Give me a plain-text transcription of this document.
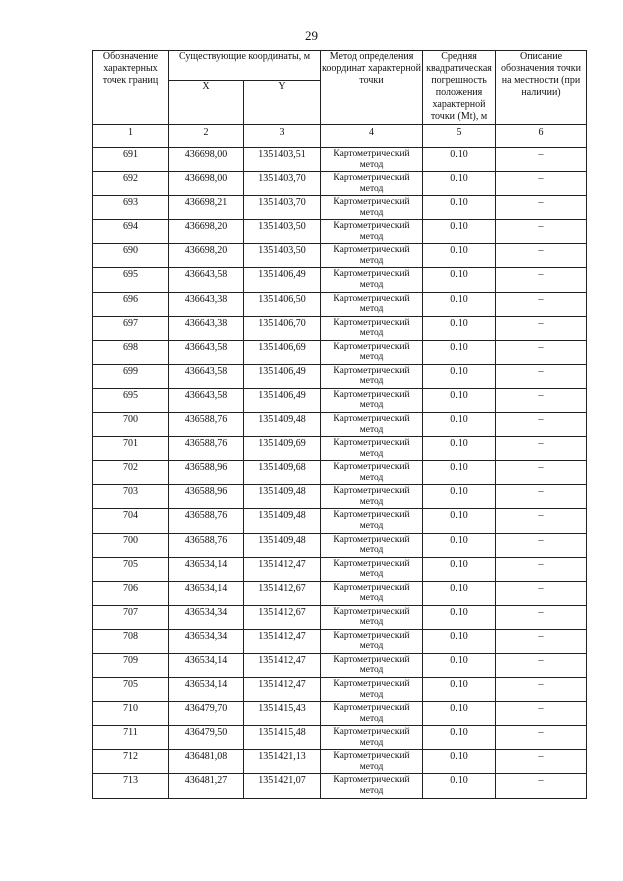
29
Обозначение характерных точек границ	Существующие координаты, м		Метод определения координат характерной точки	Средняя квадратическая погрешность положения характерной точки (Mt), м	Описание обозначения точки на местности (при наличии)
	X	Y			
1	2	3	4	5	6
691	436698,00	1351403,51	Картометрический метод	0.10	–
692	436698,00	1351403,70	Картометрический метод	0.10	–
693	436698,21	1351403,70	Картометрический метод	0.10	–
694	436698,20	1351403,50	Картометрический метод	0.10	–
690	436698,20	1351403,50	Картометрический метод	0.10	–
695	436643,58	1351406,49	Картометрический метод	0.10	–
696	436643,38	1351406,50	Картометрический метод	0.10	–
697	436643,38	1351406,70	Картометрический метод	0.10	–
698	436643,58	1351406,69	Картометрический метод	0.10	–
699	436643,58	1351406,49	Картометрический метод	0.10	–
695	436643,58	1351406,49	Картометрический метод	0.10	–
700	436588,76	1351409,48	Картометрический метод	0.10	–
701	436588,76	1351409,69	Картометрический метод	0.10	–
702	436588,96	1351409,68	Картометрический метод	0.10	–
703	436588,96	1351409,48	Картометрический метод	0.10	–
704	436588,76	1351409,48	Картометрический метод	0.10	–
700	436588,76	1351409,48	Картометрический метод	0.10	–
705	436534,14	1351412,47	Картометрический метод	0.10	–
706	436534,14	1351412,67	Картометрический метод	0.10	–
707	436534,34	1351412,67	Картометрический метод	0.10	–
708	436534,34	1351412,47	Картометрический метод	0.10	–
709	436534,14	1351412,47	Картометрический метод	0.10	–
705	436534,14	1351412,47	Картометрический метод	0.10	–
710	436479,70	1351415,43	Картометрический метод	0.10	–
711	436479,50	1351415,48	Картометрический метод	0.10	–
712	436481,08	1351421,13	Картометрический метод	0.10	–
713	436481,27	1351421,07	Картометрический метод	0.10	–
